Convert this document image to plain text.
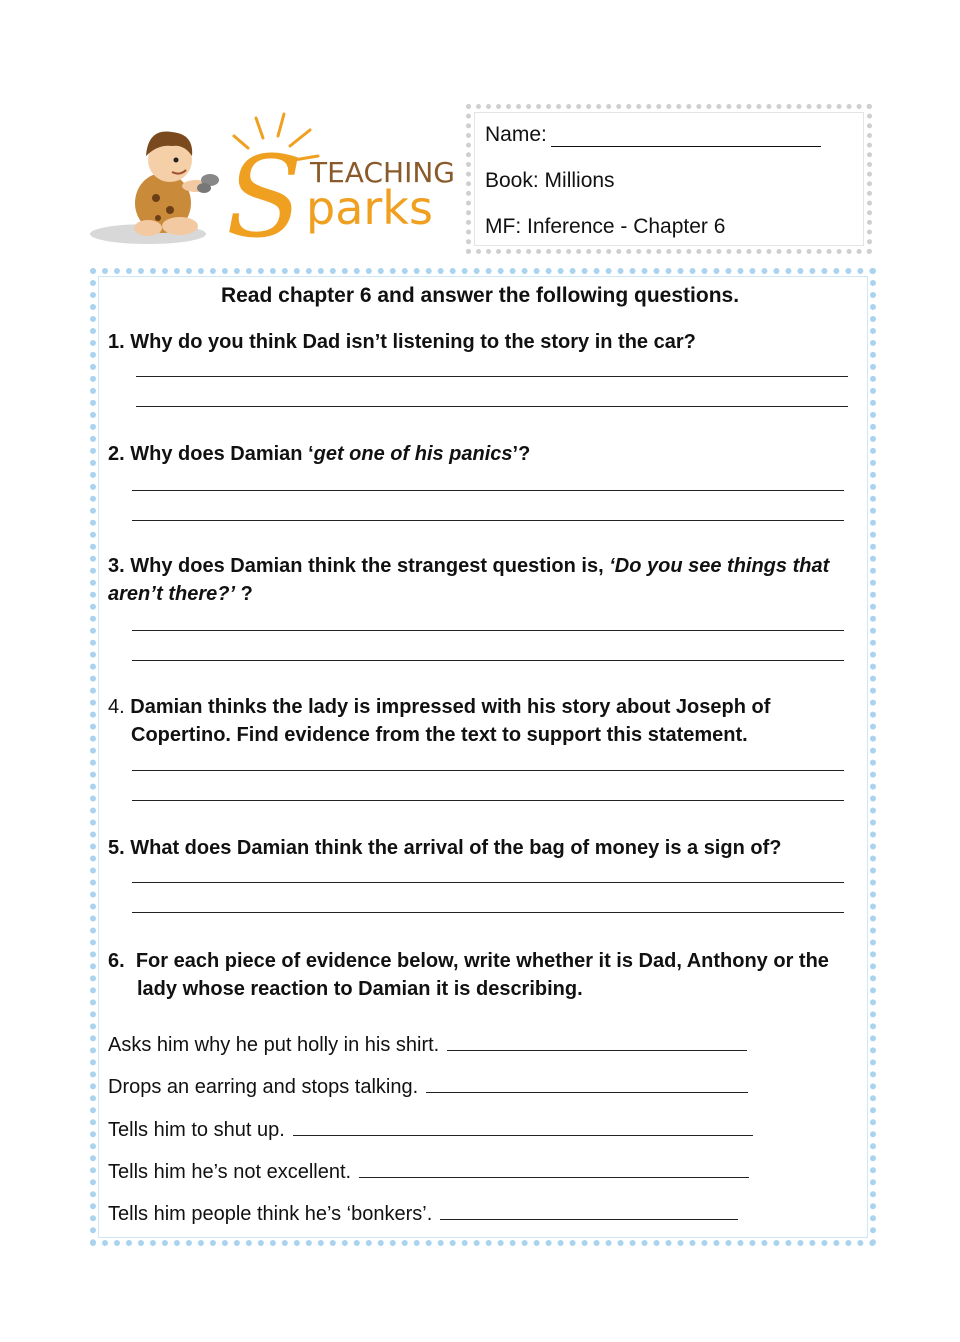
S TEACHING
parks
Name:
Book: Millions
MF: Inference - Chapter 6
Read chapter 6 and answer the following questions.
1. Why do you think Dad isn’t listening to the story in the car?
2. Why does Damian ‘get one of his panics’?
3. Why does Damian think the strangest question is, ‘Do you see things that aren’t there?’ ?
4. Damian thinks the lady is impressed with his story about Joseph of
Copertino. Find evidence from the text to support this statement.
5. What does Damian think the arrival of the bag of money is a sign of?
6. For each piece of evidence below, write whether it is Dad, Anthony or the
lady whose reaction to Damian it is describing.
Asks him why he put holly in his shirt.
Drops an earring and stops talking.
Tells him to shut up.
Tells him he’s not excellent.
Tells him people think he’s ‘bonkers’.
